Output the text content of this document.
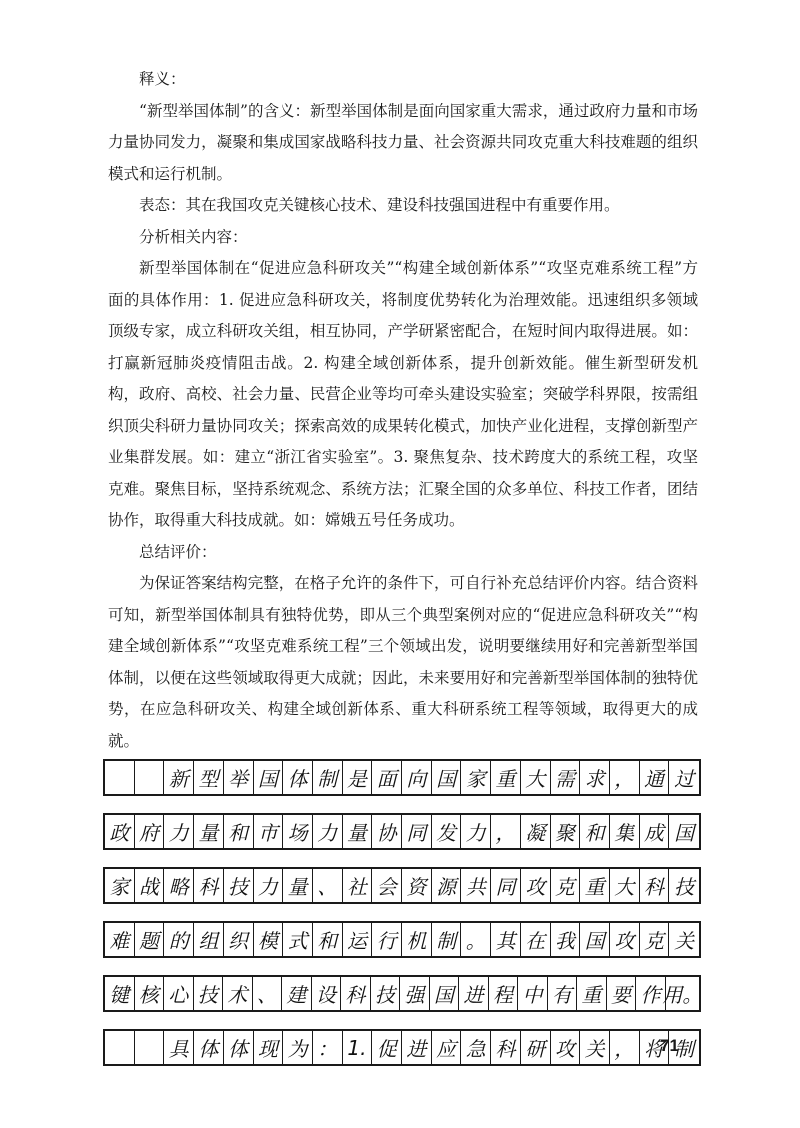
释义：

“新型举国体制”的含义：新型举国体制是面向国家重大需求，通过政府力量和市场力量协同发力，凝聚和集成国家战略科技力量、社会资源共同攻克重大科技难题的组织模式和运行机制。

表态：其在我国攻克关键核心技术、建设科技强国进程中有重要作用。

分析相关内容：

新型举国体制在“促进应急科研攻关”“构建全域创新体系”“攻坚克难系统工程”方面的具体作用：1. 促进应急科研攻关，将制度优势转化为治理效能。迅速组织多领域顶级专家，成立科研攻关组，相互协同，产学研紧密配合，在短时间内取得进展。如：打赢新冠肺炎疫情阻击战。2. 构建全域创新体系，提升创新效能。催生新型研发机构，政府、高校、社会力量、民营企业等均可牵头建设实验室；突破学科界限，按需组织顶尖科研力量协同攻关；探索高效的成果转化模式，加快产业化进程，支撑创新型产业集群发展。如：建立“浙江省实验室”。3. 聚焦复杂、技术跨度大的系统工程，攻坚克难。聚焦目标，坚持系统观念、系统方法；汇聚全国的众多单位、科技工作者，团结协作，取得重大科技成就。如：嫦娥五号任务成功。

总结评价：

为保证答案结构完整，在格子允许的条件下，可自行补充总结评价内容。结合资料可知，新型举国体制具有独特优势，即从三个典型案例对应的“促进应急科研攻关”“构建全域创新体系”“攻坚克难系统工程”三个领域出发，说明要继续用好和完善新型举国体制，以便在这些领域取得更大成就；因此，未来要用好和完善新型举国体制的独特优势，在应急科研攻关、构建全域创新体系、重大科研系统工程等领域，取得更大的成就。

新 型 举 国 体 制 是 面 向 国 家 重 大 需 求 ， 通 过
政 府 力 量 和 市 场 力 量 协 同 发 力 ， 凝 聚 和 集 成 国
家 战 略 科 技 力 量 、 社 会 资 源 共 同 攻 克 重 大 科 技
难 题 的 组 织 模 式 和 运 行 机 制 。 其 在 我 国 攻 克 关
键 核 心 技 术 、 建 设 科 技 强 国 进 程 中 有 重 要 作 用。
具 体 体 现 为 ： 1. 促 进 应 急 科 研 攻 关 ， 将 制
71
